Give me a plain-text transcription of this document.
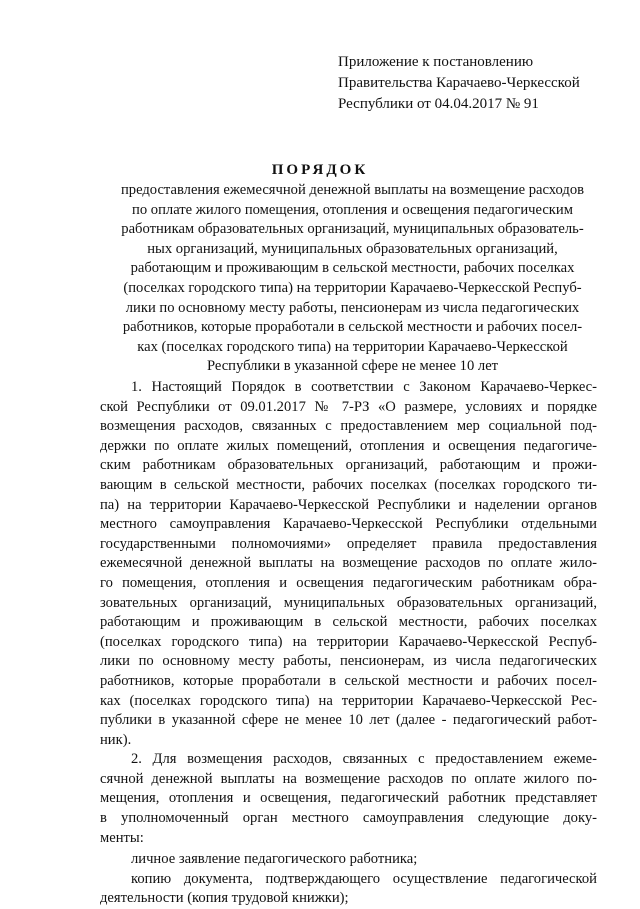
Приложение к постановлению
Правительства Карачаево-Черкесской
Республики от 04.04.2017 № 91
ПОРЯДОК
предоставления ежемесячной денежной выплаты на возмещение расходов
по оплате жилого помещения, отопления и освещения педагогическим
работникам образовательных организаций, муниципальных образователь-
ных организаций, муниципальных образовательных организаций,
работающим и проживающим в сельской местности, рабочих поселках
(поселках городского типа) на территории Карачаево-Черкесской Респуб-
лики по основному месту работы, пенсионерам из числа педагогических
работников, которые проработали в сельской местности и рабочих посел-
ках (поселках городского типа) на территории Карачаево-Черкесской
Республики в указанной сфере не менее 10 лет
1. Настоящий Порядок в соответствии с Законом Карачаево-Черкес-
ской Республики от 09.01.2017 № 7-РЗ «О размере, условиях и порядке
возмещения расходов, связанных с предоставлением мер социальной под-
держки по оплате жилых помещений, отопления и освещения педагогиче-
ским работникам образовательных организаций, работающим и прожи-
вающим в сельской местности, рабочих поселках (поселках городского ти-
па) на территории Карачаево-Черкесской Республики и наделении органов
местного самоуправления Карачаево-Черкесской Республики отдельными
государственными полномочиями» определяет правила предоставления
ежемесячной денежной выплаты на возмещение расходов по оплате жило-
го помещения, отопления и освещения педагогическим работникам обра-
зовательных организаций, муниципальных образовательных организаций,
работающим и проживающим в сельской местности, рабочих поселках
(поселках городского типа) на территории Карачаево-Черкесской Респуб-
лики по основному месту работы, пенсионерам, из числа педагогических
работников, которые проработали в сельской местности и рабочих посел-
ках (поселках городского типа) на территории Карачаево-Черкесской Рес-
публики в указанной сфере не менее 10 лет (далее - педагогический работ-
ник).
2. Для возмещения расходов, связанных с предоставлением ежеме-
сячной денежной выплаты на возмещение расходов по оплате жилого по-
мещения, отопления и освещения, педагогический работник представляет
в уполномоченный орган местного самоуправления следующие доку-
менты:
личное заявление педагогического работника;
копию документа, подтверждающего осуществление педагогической
деятельности (копия трудовой книжки);
